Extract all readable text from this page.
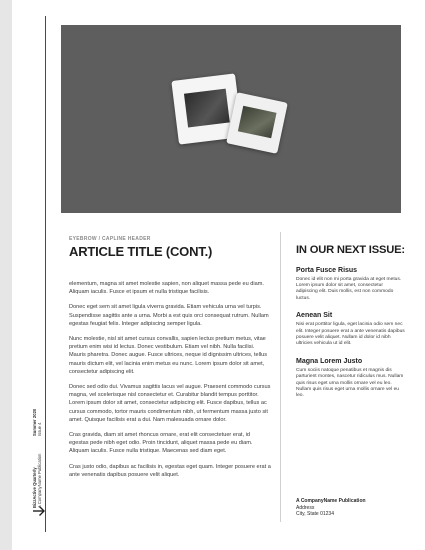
Summer 2020
Issue 4
BizzActive Quarterly
A CompanyName Publication
EYEBROW / CAPLINE HEADER
ARTICLE TITLE (CONT.)

elementum, magna sit amet molestie sapien, non aliquet massa pede eu diam. Aliquam iaculis. Fusce et ipsum et nulla tristique facilisis.

Donec eget sem sit amet ligula viverra gravida. Etiam vehicula urna vel turpis. Suspendisse sagittis ante a urna. Morbi a est quis orci consequat rutrum. Nullam egestas feugiat felis. Integer adipiscing semper ligula.

Nunc molestie, nisl sit amet cursus convallis, sapien lectus pretium metus, vitae pretium enim wisi id lectus. Donec vestibulum. Etiam vel nibh. Nulla facilisi. Mauris pharetra. Donec augue. Fusce ultrices, neque id dignissim ultrices, tellus mauris dictum elit, vel lacinia enim metus eu nunc. Lorem ipsum dolor sit amet, consectetur adipiscing elit.

Donec sed odio dui. Vivamus sagittis lacus vel augue. Praesent commodo cursus magna, vel scelerisque nisl consectetur et. Curabitur blandit tempus porttitor. Lorem ipsum dolor sit amet, consectetur adipiscing elit. Fusce dapibus, tellus ac cursus commodo, tortor mauris condimentum nibh, ut fermentum massa justo sit amet. Quisque facilisis erat a dui. Nam malesuada ornare dolor.

Cras gravida, diam sit amet rhoncus ornare, erat elit consectetuer erat, id egestas pede nibh eget odio. Proin tincidunt, aliquet massa pede eu diam. Aliquam iaculis. Fusce nulla tristique. Maecenas sed diam eget.

Cras justo odio, dapibus ac facilisis in, egestas eget quam. Integer posuere erat a ante venenatis dapibus posuere velit aliquet.

IN OUR NEXT ISSUE:
Porta Fusce Risus
Donec id elit non mi porta gravida at eget metus. Lorem ipsum dolor sit amet, consectetur adipiscing elit. Duis mollis, est non commodo luctus.
Aenean Sit
Nisi erat porttitor ligula, eget lacinia odio sem nec elit. Integer posuere erat a ante venenatis dapibus posuere velit aliquet. Nullam id dolor id nibh ultricies vehicula ut id elit.
Magna Lorem Justo
Cum sociis natoque penatibus et magnis dis parturient montes, nascetur ridiculus mus. Nullam quis risus eget urna mollis ornare vel eu leo. Nullam quis risus eget urna mollis ornare vel eu leo.
A CompanyName Publication
Address
City, State 01234
